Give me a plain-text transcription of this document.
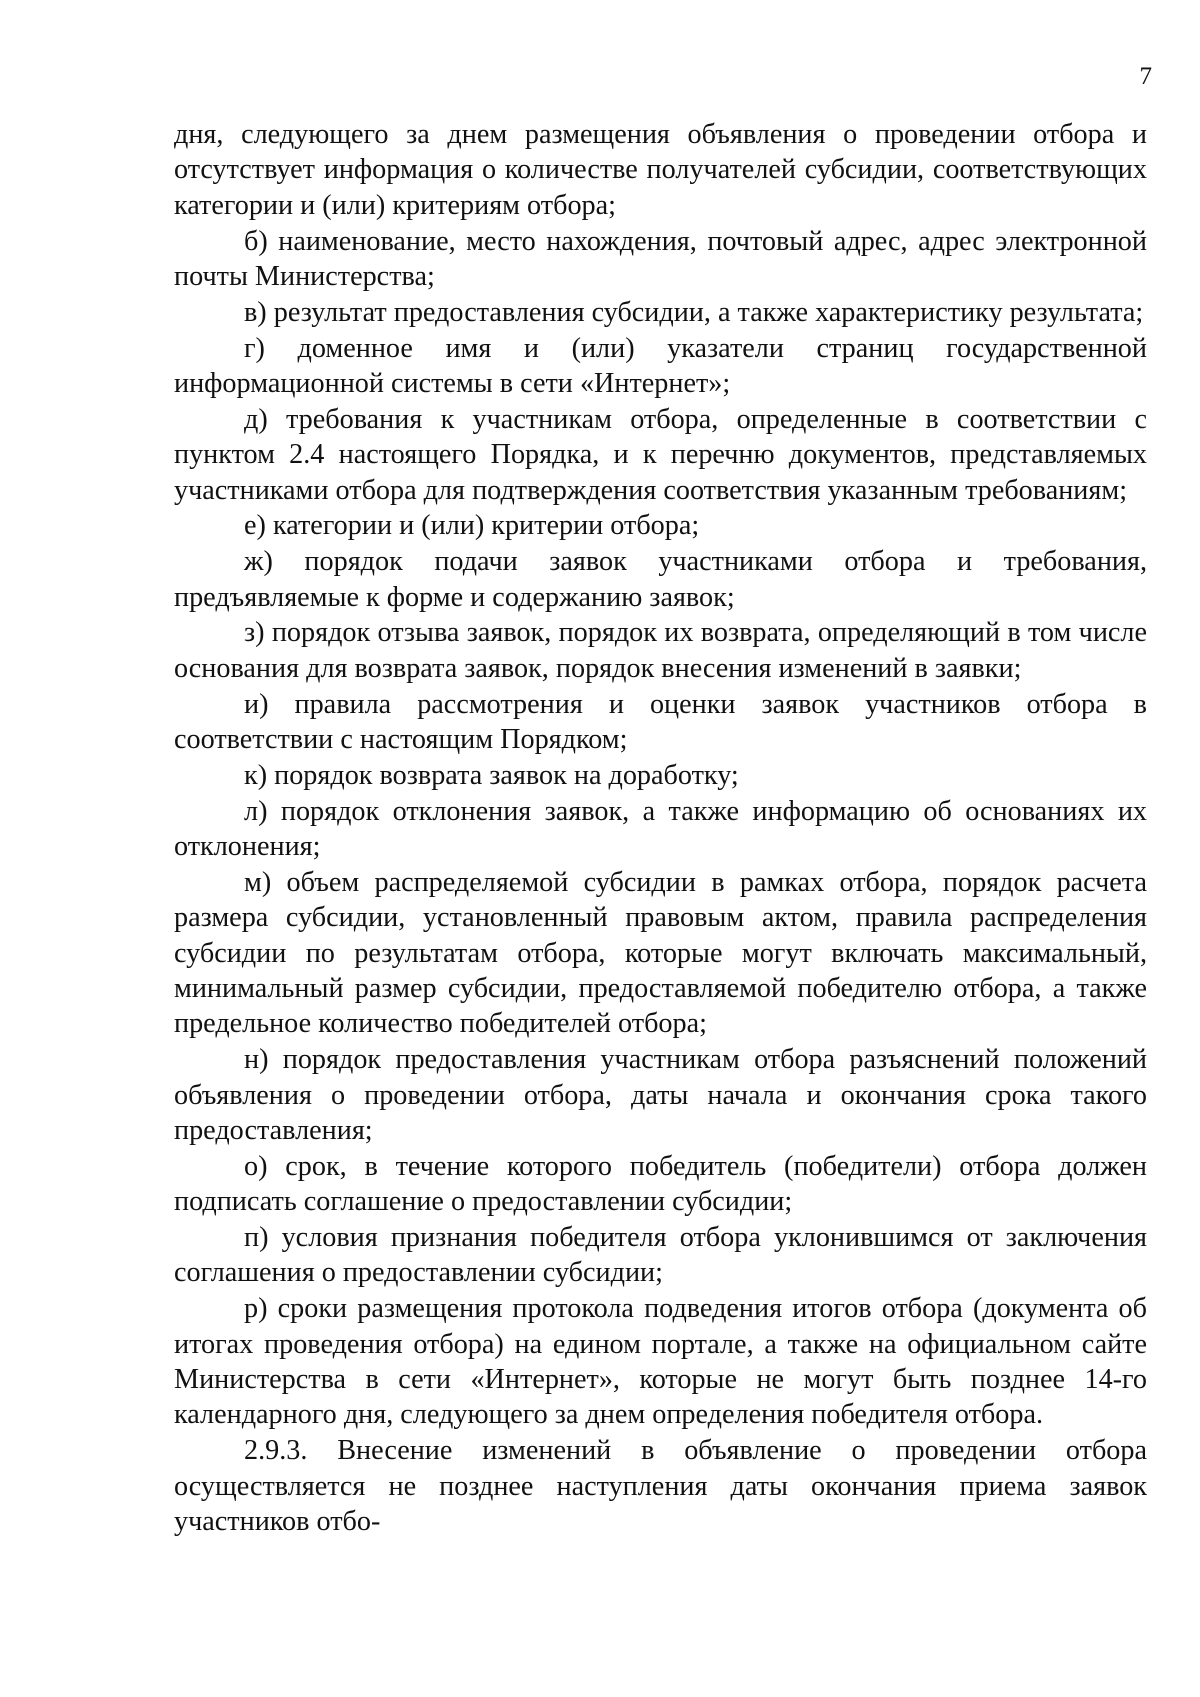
7

дня, следующего за днем размещения объявления о проведении отбора и отсутствует информация о количестве получателей субсидии, соответствующих категории и (или) критериям отбора;

б) наименование, место нахождения, почтовый адрес, адрес электронной почты Министерства;

в) результат предоставления субсидии, а также характеристику результата;

г) доменное имя и (или) указатели страниц государственной информационной системы в сети «Интернет»;

д) требования к участникам отбора, определенные в соответствии с пунктом 2.4 настоящего Порядка, и к перечню документов, представляемых участниками отбора для подтверждения соответствия указанным требованиям;

е) категории и (или) критерии отбора;

ж) порядок подачи заявок участниками отбора и требования, предъявляемые к форме и содержанию заявок;

з) порядок отзыва заявок, порядок их возврата, определяющий в том числе основания для возврата заявок, порядок внесения изменений в заявки;

и) правила рассмотрения и оценки заявок участников отбора в соответствии с настоящим Порядком;

к) порядок возврата заявок на доработку;

л) порядок отклонения заявок, а также информацию об основаниях их отклонения;

м) объем распределяемой субсидии в рамках отбора, порядок расчета размера субсидии, установленный правовым актом, правила распределения субсидии по результатам отбора, которые могут включать максимальный, минимальный размер субсидии, предоставляемой победителю отбора, а также предельное количество победителей отбора;

н) порядок предоставления участникам отбора разъяснений положений объявления о проведении отбора, даты начала и окончания срока такого предоставления;

о) срок, в течение которого победитель (победители) отбора должен подписать соглашение о предоставлении субсидии;

п) условия признания победителя отбора уклонившимся от заключения соглашения о предоставлении субсидии;

р) сроки размещения протокола подведения итогов отбора (документа об итогах проведения отбора) на едином портале, а также на официальном сайте Министерства в сети «Интернет», которые не могут быть позднее 14-го календарного дня, следующего за днем определения победителя отбора.

2.9.3. Внесение изменений в объявление о проведении отбора осуществляется не позднее наступления даты окончания приема заявок участников отбо-
